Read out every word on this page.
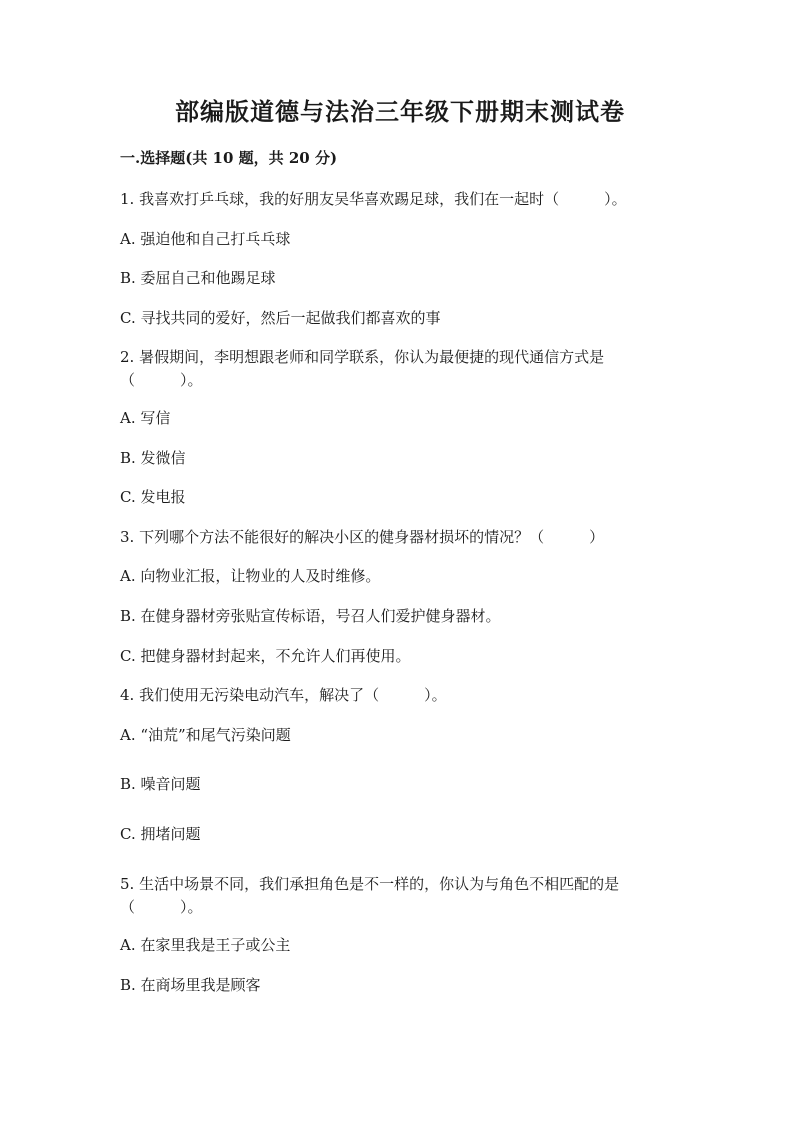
部编版道德与法治三年级下册期末测试卷
一.选择题(共 10 题，共 20 分)
1. 我喜欢打乒乓球，我的好朋友吴华喜欢踢足球，我们在一起时（　　　）。
A. 强迫他和自己打乓乓球
B. 委屈自己和他踢足球
C. 寻找共同的爱好，然后一起做我们都喜欢的事
2. 暑假期间，李明想跟老师和同学联系，你认为最便捷的现代通信方式是
（　　　）。
A. 写信
B. 发微信
C. 发电报
3. 下列哪个方法不能很好的解决小区的健身器材损坏的情况？（　　　）
A. 向物业汇报，让物业的人及时维修。
B. 在健身器材旁张贴宣传标语，号召人们爱护健身器材。
C. 把健身器材封起来，不允许人们再使用。
4. 我们使用无污染电动汽车，解决了（　　　）。
A. “油荒”和尾气污染问题
B. 噪音问题
C. 拥堵问题
5. 生活中场景不同，我们承担角色是不一样的，你认为与角色不相匹配的是
（　　　）。
A. 在家里我是王子或公主
B. 在商场里我是顾客
